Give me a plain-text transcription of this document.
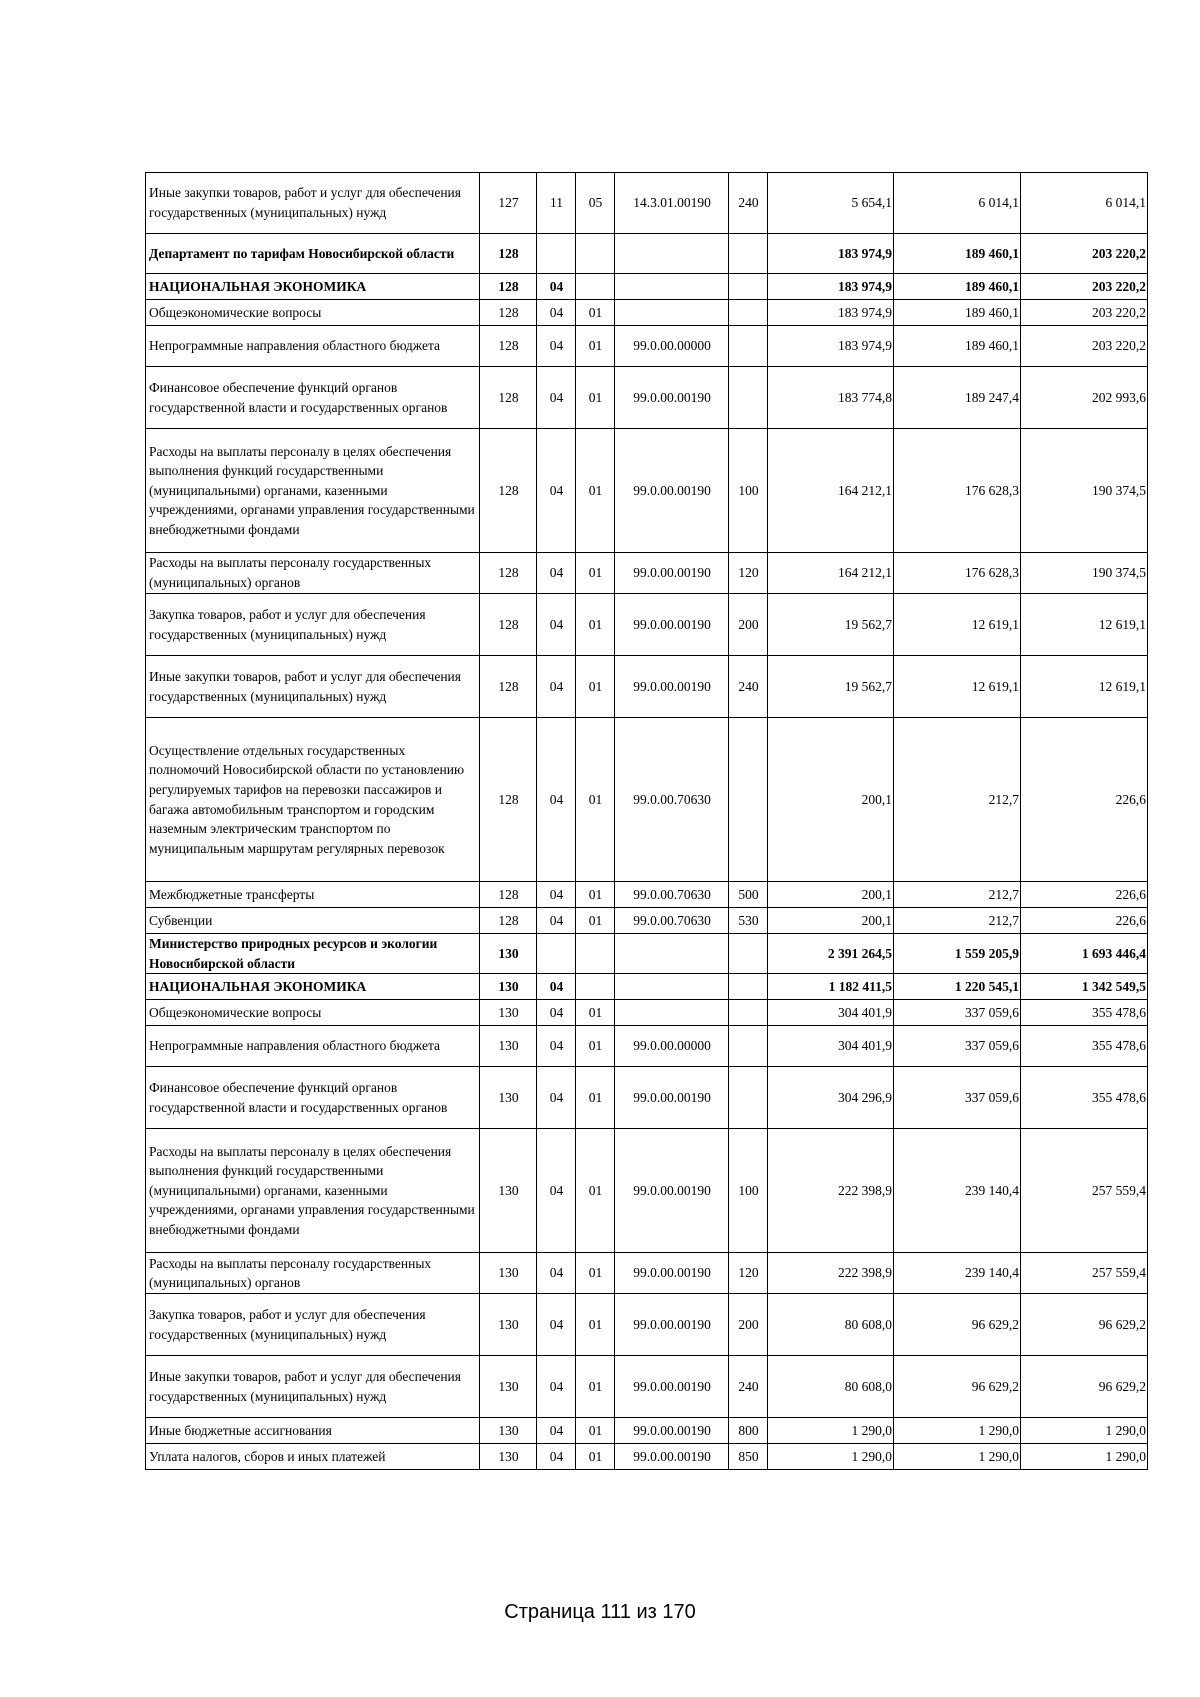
Иные закупки товаров, работ и услуг для обеспечения государственных (муниципальных) нужд	127	11	05	14.3.01.00190	240	5 654,1	6 014,1	6 014,1
Департамент по тарифам Новосибирской области	128					183 974,9	189 460,1	203 220,2
НАЦИОНАЛЬНАЯ ЭКОНОМИКА	128	04				183 974,9	189 460,1	203 220,2
Общеэкономические вопросы	128	04	01			183 974,9	189 460,1	203 220,2
Непрограммные направления областного бюджета	128	04	01	99.0.00.00000		183 974,9	189 460,1	203 220,2
Финансовое обеспечение функций органов государственной власти и государственных органов	128	04	01	99.0.00.00190		183 774,8	189 247,4	202 993,6
Расходы на выплаты персоналу в целях обеспечения выполнения функций государственными (муниципальными) органами, казенными учреждениями, органами управления государственными внебюджетными фондами	128	04	01	99.0.00.00190	100	164 212,1	176 628,3	190 374,5
Расходы на выплаты персоналу государственных (муниципальных) органов	128	04	01	99.0.00.00190	120	164 212,1	176 628,3	190 374,5
Закупка товаров, работ и услуг для обеспечения государственных (муниципальных) нужд	128	04	01	99.0.00.00190	200	19 562,7	12 619,1	12 619,1
Иные закупки товаров, работ и услуг для обеспечения государственных (муниципальных) нужд	128	04	01	99.0.00.00190	240	19 562,7	12 619,1	12 619,1
Осуществление отдельных государственных полномочий Новосибирской области по установлению регулируемых тарифов на перевозки пассажиров и багажа автомобильным транспортом и городским наземным электрическим транспортом по муниципальным маршрутам регулярных перевозок	128	04	01	99.0.00.70630		200,1	212,7	226,6
Межбюджетные трансферты	128	04	01	99.0.00.70630	500	200,1	212,7	226,6
Субвенции	128	04	01	99.0.00.70630	530	200,1	212,7	226,6
Министерство природных ресурсов и экологии Новосибирской области	130					2 391 264,5	1 559 205,9	1 693 446,4
НАЦИОНАЛЬНАЯ ЭКОНОМИКА	130	04				1 182 411,5	1 220 545,1	1 342 549,5
Общеэкономические вопросы	130	04	01			304 401,9	337 059,6	355 478,6
Непрограммные направления областного бюджета	130	04	01	99.0.00.00000		304 401,9	337 059,6	355 478,6
Финансовое обеспечение функций органов государственной власти и государственных органов	130	04	01	99.0.00.00190		304 296,9	337 059,6	355 478,6
Расходы на выплаты персоналу в целях обеспечения выполнения функций государственными (муниципальными) органами, казенными учреждениями, органами управления государственными внебюджетными фондами	130	04	01	99.0.00.00190	100	222 398,9	239 140,4	257 559,4
Расходы на выплаты персоналу государственных (муниципальных) органов	130	04	01	99.0.00.00190	120	222 398,9	239 140,4	257 559,4
Закупка товаров, работ и услуг для обеспечения государственных (муниципальных) нужд	130	04	01	99.0.00.00190	200	80 608,0	96 629,2	96 629,2
Иные закупки товаров, работ и услуг для обеспечения государственных (муниципальных) нужд	130	04	01	99.0.00.00190	240	80 608,0	96 629,2	96 629,2
Иные бюджетные ассигнования	130	04	01	99.0.00.00190	800	1 290,0	1 290,0	1 290,0
Уплата налогов, сборов и иных платежей	130	04	01	99.0.00.00190	850	1 290,0	1 290,0	1 290,0
Страница 111 из 170
